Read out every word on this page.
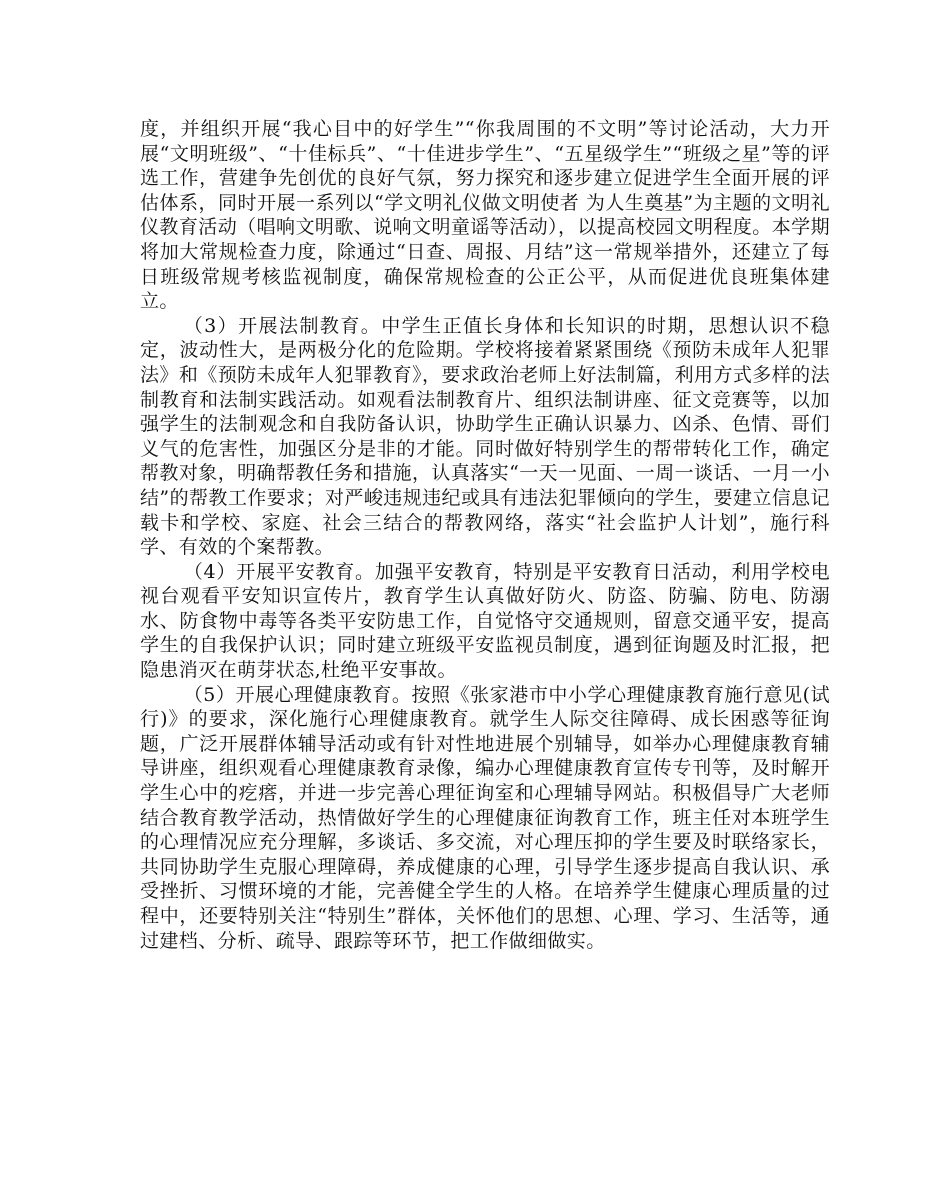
度，并组织开展“我心目中的好学生”“你我周围的不文明”等讨论活动，大力开展“文明班级”、“十佳标兵”、“十佳进步学生”、“五星级学生”“班级之星”等的评选工作，营建争先创优的良好气氛，努力探究和逐步建立促进学生全面开展的评估体系，同时开展一系列以“学文明礼仪做文明使者 为人生奠基”为主题的文明礼仪教育活动（唱响文明歌、说响文明童谣等活动），以提高校园文明程度。本学期将加大常规检查力度，除通过“日查、周报、月结”这一常规举措外，还建立了每日班级常规考核监视制度，确保常规检查的公正公平，从而促进优良班集体建立。

（3）开展法制教育。中学生正值长身体和长知识的时期，思想认识不稳定，波动性大，是两极分化的危险期。学校将接着紧紧围绕《预防未成年人犯罪法》和《预防未成年人犯罪教育》，要求政治老师上好法制篇，利用方式多样的法制教育和法制实践活动。如观看法制教育片、组织法制讲座、征文竞赛等，以加强学生的法制观念和自我防备认识，协助学生正确认识暴力、凶杀、色情、哥们义气的危害性，加强区分是非的才能。同时做好特别学生的帮带转化工作，确定帮教对象，明确帮教任务和措施，认真落实“一天一见面、一周一谈话、一月一小结”的帮教工作要求；对严峻违规违纪或具有违法犯罪倾向的学生，要建立信息记载卡和学校、家庭、社会三结合的帮教网络，落实“社会监护人计划”，施行科学、有效的个案帮教。

（4）开展平安教育。加强平安教育，特别是平安教育日活动，利用学校电视台观看平安知识宣传片，教育学生认真做好防火、防盗、防骗、防电、防溺水、防食物中毒等各类平安防患工作，自觉恪守交通规则，留意交通平安，提高学生的自我保护认识；同时建立班级平安监视员制度，遇到征询题及时汇报，把隐患消灭在萌芽状态,杜绝平安事故。

（5）开展心理健康教育。按照《张家港市中小学心理健康教育施行意见(试行)》的要求，深化施行心理健康教育。就学生人际交往障碍、成长困惑等征询题，广泛开展群体辅导活动或有针对性地进展个别辅导，如举办心理健康教育辅导讲座，组织观看心理健康教育录像，编办心理健康教育宣传专刊等，及时解开学生心中的疙瘩，并进一步完善心理征询室和心理辅导网站。积极倡导广大老师结合教育教学活动，热情做好学生的心理健康征询教育工作，班主任对本班学生的心理情况应充分理解，多谈话、多交流，对心理压抑的学生要及时联络家长，共同协助学生克服心理障碍，养成健康的心理，引导学生逐步提高自我认识、承受挫折、习惯环境的才能，完善健全学生的人格。在培养学生健康心理质量的过程中，还要特别关注“特别生”群体，关怀他们的思想、心理、学习、生活等，通过建档、分析、疏导、跟踪等环节，把工作做细做实。
